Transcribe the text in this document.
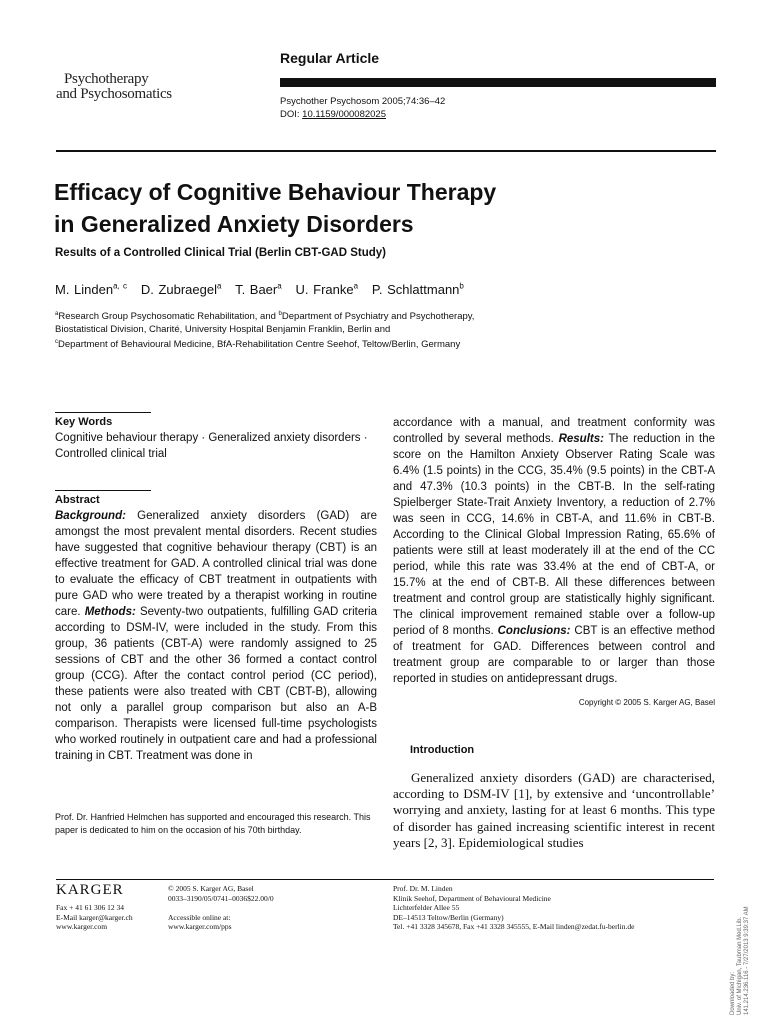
Psychotherapy
and Psychosomatics
Regular Article
Psychother Psychosom 2005;74:36–42
DOI: 10.1159/000082025
Efficacy of Cognitive Behaviour Therapy
in Generalized Anxiety Disorders
Results of a Controlled Clinical Trial (Berlin CBT-GAD Study)
M. Linden$^{a, c}$ D. Zubraegel$^a$ T. Baer$^a$ U. Franke$^a$ P. Schlattmann$^b$
$^a$Research Group Psychosomatic Rehabilitation, and $^b$Department of Psychiatry and Psychotherapy,
Biostatistical Division, Charité, University Hospital Benjamin Franklin, Berlin and
$^c$Department of Behavioural Medicine, BfA-Rehabilitation Centre Seehof, Teltow/Berlin, Germany
Key Words
Cognitive behaviour therapy · Generalized anxiety disorders · Controlled clinical trial
Abstract
Background: Generalized anxiety disorders (GAD) are amongst the most prevalent mental disorders. Recent studies have suggested that cognitive behaviour therapy (CBT) is an effective treatment for GAD. A controlled clinical trial was done to evaluate the efficacy of CBT treatment in outpatients with pure GAD who were treated by a therapist working in routine care. Methods: Seventy-two outpatients, fulfilling GAD criteria according to DSM-IV, were included in the study. From this group, 36 patients (CBT-A) were randomly assigned to 25 sessions of CBT and the other 36 formed a contact control group (CCG). After the contact control period (CC period), these patients were also treated with CBT (CBT-B), allowing not only a parallel group comparison but also an A-B comparison. Therapists were licensed full-time psychologists who worked routinely in outpatient care and had a professional training in CBT. Treatment was done in
Prof. Dr. Hanfried Helmchen has supported and encouraged this research. This paper is dedicated to him on the occasion of his 70th birthday.
accordance with a manual, and treatment conformity was controlled by several methods. Results: The reduction in the score on the Hamilton Anxiety Observer Rating Scale was 6.4% (1.5 points) in the CCG, 35.4% (9.5 points) in the CBT-A and 47.3% (10.3 points) in the CBT-B. In the self-rating Spielberger State-Trait Anxiety Inventory, a reduction of 2.7% was seen in CCG, 14.6% in CBT-A, and 11.6% in CBT-B. According to the Clinical Global Impression Rating, 65.6% of patients were still at least moderately ill at the end of the CC period, while this rate was 33.4% at the end of CBT-A, or 15.7% at the end of CBT-B. All these differences between treatment and control group are statistically highly significant. The clinical improvement remained stable over a follow-up period of 8 months. Conclusions: CBT is an effective method of treatment for GAD. Differences between control and treatment group are comparable to or larger than those reported in studies on antidepressant drugs.
Copyright © 2005 S. Karger AG, Basel
Introduction
Generalized anxiety disorders (GAD) are characterised, according to DSM-IV [1], by extensive and ‘uncontrollable’ worrying and anxiety, lasting for at least 6 months. This type of disorder has gained increasing scientific interest in recent years [2, 3]. Epidemiological studies
KARGER
Fax + 41 61 306 12 34
E-Mail karger@karger.ch
www.karger.com
© 2005 S. Karger AG, Basel
0033–3190/05/0741–0036$22.00/0
Accessible online at:
www.karger.com/pps
Prof. Dr. M. Linden
Klinik Seehof, Department of Behavioural Medicine
Lichterfelder Allee 55
DE–14513 Teltow/Berlin (Germany)
Tel. +41 3328 345678, Fax +41 3328 345555, E-Mail linden@zedat.fu-berlin.de
Downloaded by: Univ. of Michigan, Taubman Med.Lib. 141.214.236.116 - 7/27/2013 9:39:37 AM
